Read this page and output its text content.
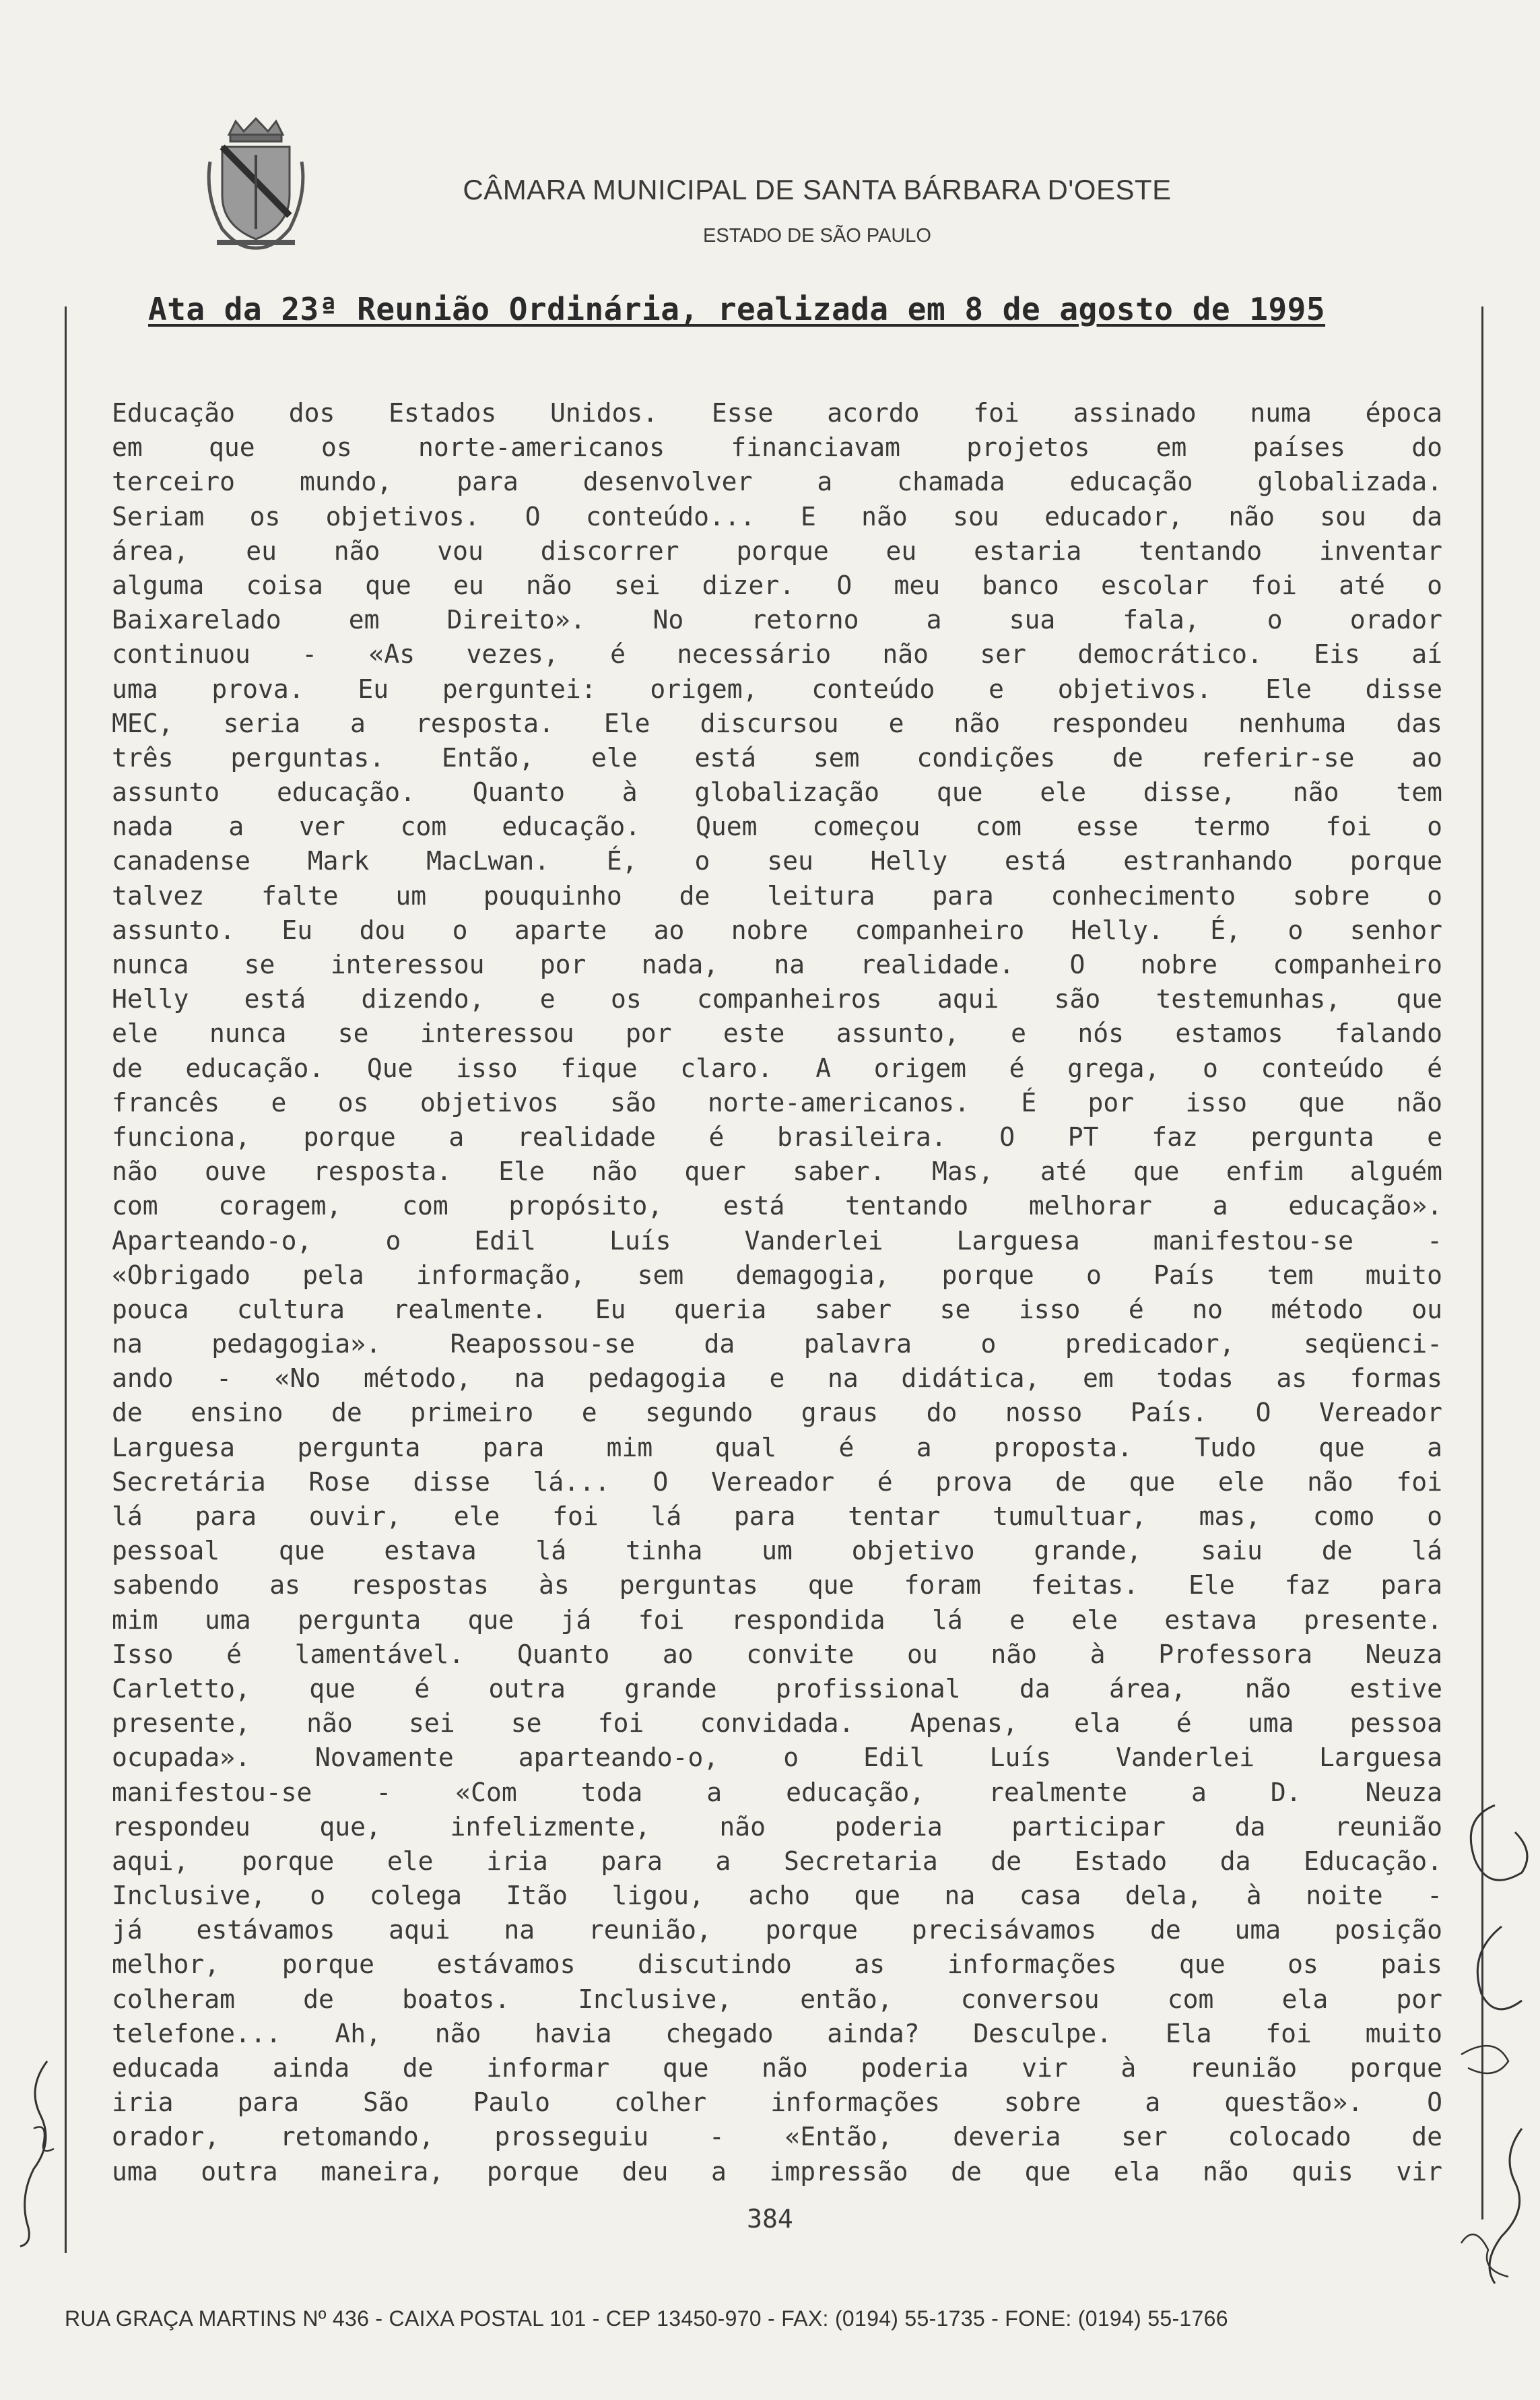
CÂMARA MUNICIPAL DE SANTA BÁRBARA D'OESTE
ESTADO DE SÃO PAULO
Ata da 23ª Reunião Ordinária, realizada em 8 de agosto de 1995
Educação dos Estados Unidos. Esse acordo foi assinado numa época
em que os norte-americanos financiavam projetos em países do
terceiro mundo, para desenvolver a chamada educação globalizada.
Seriam os objetivos. O conteúdo... E não sou educador, não sou da
área, eu não vou discorrer porque eu estaria tentando inventar
alguma coisa que eu não sei dizer. O meu banco escolar foi até o
Baixarelado em Direito». No retorno a sua fala, o orador
continuou - «As vezes, é necessário não ser democrático. Eis aí
uma prova. Eu perguntei: origem, conteúdo e objetivos. Ele disse
MEC, seria a resposta. Ele discursou e não respondeu nenhuma das
três perguntas. Então, ele está sem condições de referir-se ao
assunto educação. Quanto à globalização que ele disse, não tem
nada a ver com educação. Quem começou com esse termo foi o
canadense Mark MacLwan. É, o seu Helly está estranhando porque
talvez falte um pouquinho de leitura para conhecimento sobre o
assunto. Eu dou o aparte ao nobre companheiro Helly. É, o senhor
nunca se interessou por nada, na realidade. O nobre companheiro
Helly está dizendo, e os companheiros aqui são testemunhas, que
ele nunca se interessou por este assunto, e nós estamos falando
de educação. Que isso fique claro. A origem é grega, o conteúdo é
francês e os objetivos são norte-americanos. É por isso que não
funciona, porque a realidade é brasileira. O PT faz pergunta e
não ouve resposta. Ele não quer saber. Mas, até que enfim alguém
com coragem, com propósito, está tentando melhorar a educação».
Aparteando-o, o Edil Luís Vanderlei Larguesa manifestou-se -
«Obrigado pela informação, sem demagogia, porque o País tem muito
pouca cultura realmente. Eu queria saber se isso é no método ou
na pedagogia». Reapossou-se da palavra o predicador, seqüenci-
ando - «No método, na pedagogia e na didática, em todas as formas
de ensino de primeiro e segundo graus do nosso País. O Vereador
Larguesa pergunta para mim qual é a proposta. Tudo que a
Secretária Rose disse lá... O Vereador é prova de que ele não foi
lá para ouvir, ele foi lá para tentar tumultuar, mas, como o
pessoal que estava lá tinha um objetivo grande, saiu de lá
sabendo as respostas às perguntas que foram feitas. Ele faz para
mim uma pergunta que já foi respondida lá e ele estava presente.
Isso é lamentável. Quanto ao convite ou não à Professora Neuza
Carletto, que é outra grande profissional da área, não estive
presente, não sei se foi convidada. Apenas, ela é uma pessoa
ocupada». Novamente aparteando-o, o Edil Luís Vanderlei Larguesa
manifestou-se - «Com toda a educação, realmente a D. Neuza
respondeu que, infelizmente, não poderia participar da reunião
aqui, porque ele iria para a Secretaria de Estado da Educação.
Inclusive, o colega Itão ligou, acho que na casa dela, à noite -
já estávamos aqui na reunião, porque precisávamos de uma posição
melhor, porque estávamos discutindo as informações que os pais
colheram de boatos. Inclusive, então, conversou com ela por
telefone... Ah, não havia chegado ainda? Desculpe. Ela foi muito
educada ainda de informar que não poderia vir à reunião porque
iria para São Paulo colher informações sobre a questão». O
orador, retomando, prosseguiu - «Então, deveria ser colocado de
uma outra maneira, porque deu a impressão de que ela não quis vir
384
RUA GRAÇA MARTINS Nº 436 - CAIXA POSTAL 101 - CEP 13450-970 - FAX: (0194) 55-1735 - FONE: (0194) 55-1766
